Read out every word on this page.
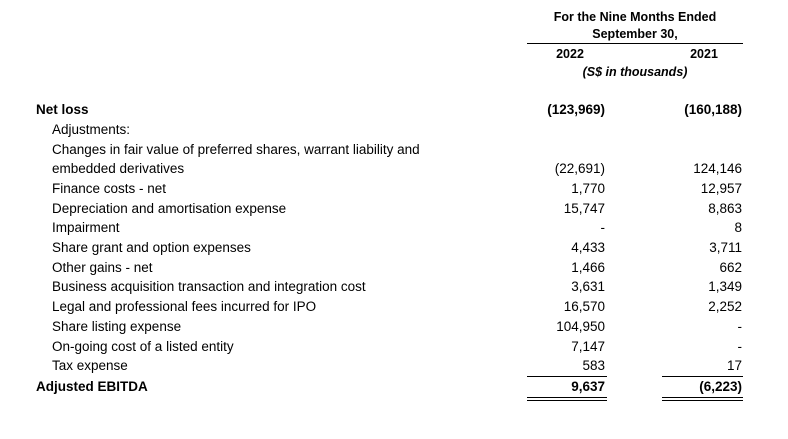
For the Nine Months Ended
September 30,
2022	2021
(S$ in thousands)
Net loss	(123,969)	(160,188)
Adjustments:
Changes in fair value of preferred shares, warrant liability and
embedded derivatives	(22,691)	124,146
Finance costs - net	1,770	12,957
Depreciation and amortisation expense	15,747	8,863
Impairment	-	8
Share grant and option expenses	4,433	3,711
Other gains - net	1,466	662
Business acquisition transaction and integration cost	3,631	1,349
Legal and professional fees incurred for IPO	16,570	2,252
Share listing expense	104,950	-
On-going cost of a listed entity	7,147	-
Tax expense	583	17
Adjusted EBITDA	9,637	(6,223)
